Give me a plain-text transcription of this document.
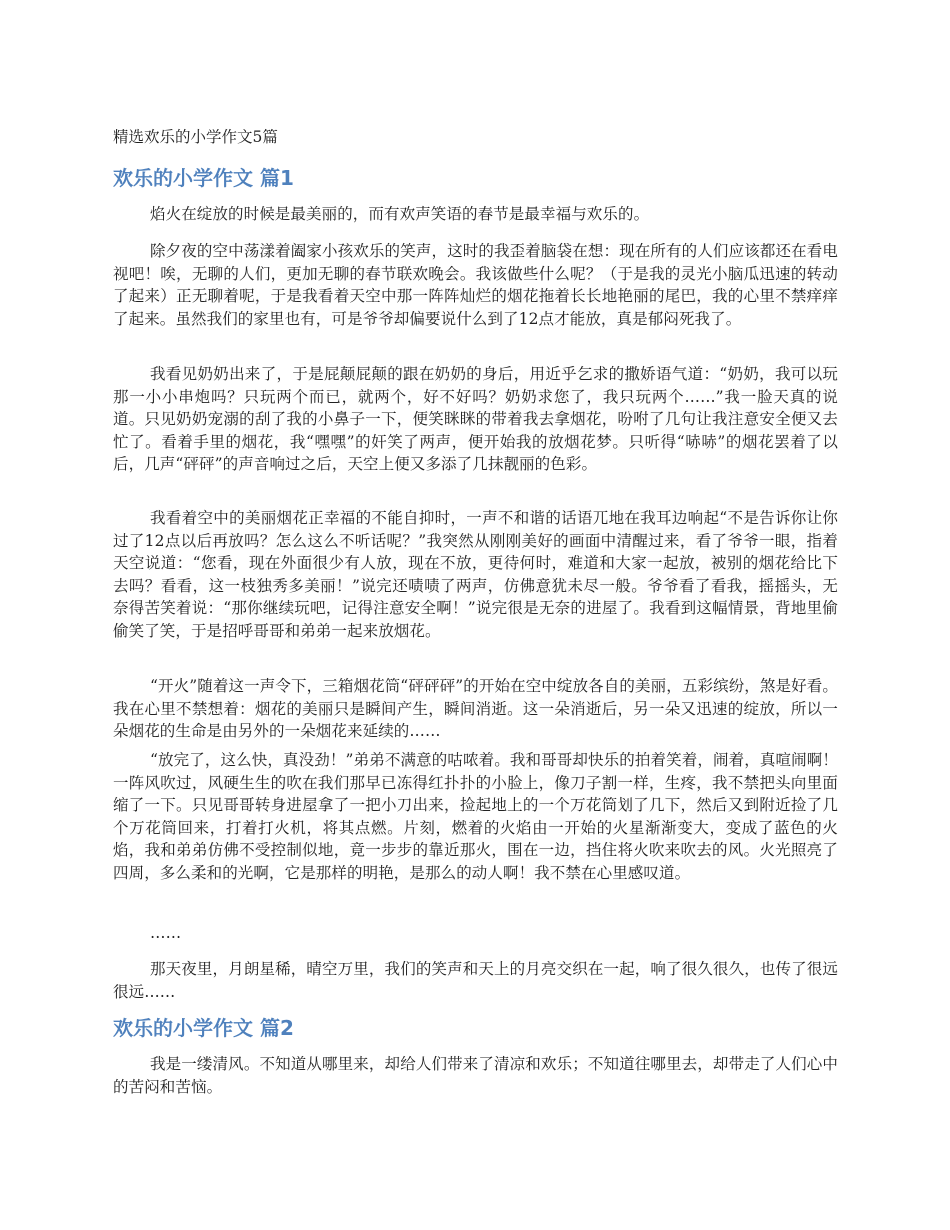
精选欢乐的小学作文5篇
欢乐的小学作文 篇1

焰火在绽放的时候是最美丽的，而有欢声笑语的春节是最幸福与欢乐的。

除夕夜的空中荡漾着阖家小孩欢乐的笑声，这时的我歪着脑袋在想：现在所有的人们应该都还在看电视吧！唉，无聊的人们，更加无聊的春节联欢晚会。我该做些什么呢？（于是我的灵光小脑瓜迅速的转动了起来）正无聊着呢，于是我看着天空中那一阵阵灿烂的烟花拖着长长地艳丽的尾巴，我的心里不禁痒痒了起来。虽然我们的家里也有，可是爷爷却偏要说什么到了12点才能放，真是郁闷死我了。

我看见奶奶出来了，于是屁颠屁颠的跟在奶奶的身后，用近乎乞求的撒娇语气道：“奶奶，我可以玩那一小小串炮吗？只玩两个而已，就两个，好不好吗？奶奶求您了，我只玩两个……”我一脸天真的说道。只见奶奶宠溺的刮了我的小鼻子一下，便笑眯眯的带着我去拿烟花，吩咐了几句让我注意安全便又去忙了。看着手里的烟花，我“嘿嘿”的奸笑了两声，便开始我的放烟花梦。只听得“哧哧”的烟花罢着了以后，几声“砰砰”的声音响过之后，天空上便又多添了几抹靓丽的色彩。

我看着空中的美丽烟花正幸福的不能自抑时，一声不和谐的话语兀地在我耳边响起“不是告诉你让你过了12点以后再放吗？怎么这么不听话呢？”我突然从刚刚美好的画面中清醒过来，看了爷爷一眼，指着天空说道：“您看，现在外面很少有人放，现在不放，更待何时，难道和大家一起放，被别的烟花给比下去吗？看看，这一枝独秀多美丽！”说完还啧啧了两声，仿佛意犹未尽一般。爷爷看了看我，摇摇头，无奈得苦笑着说：“那你继续玩吧，记得注意安全啊！”说完很是无奈的进屋了。我看到这幅情景，背地里偷偷笑了笑，于是招呼哥哥和弟弟一起来放烟花。

“开火”随着这一声令下，三箱烟花筒“砰砰砰”的开始在空中绽放各自的美丽，五彩缤纷，煞是好看。我在心里不禁想着：烟花的美丽只是瞬间产生，瞬间消逝。这一朵消逝后，另一朵又迅速的绽放，所以一朵烟花的生命是由另外的一朵烟花来延续的……

“放完了，这么快，真没劲！”弟弟不满意的咕哝着。我和哥哥却快乐的拍着笑着，闹着，真喧闹啊！一阵风吹过，风硬生生的吹在我们那早已冻得红扑扑的小脸上，像刀子割一样，生疼，我不禁把头向里面缩了一下。只见哥哥转身进屋拿了一把小刀出来，捡起地上的一个万花筒划了几下，然后又到附近捡了几个万花筒回来，打着打火机，将其点燃。片刻，燃着的火焰由一开始的火星渐渐变大，变成了蓝色的火焰，我和弟弟仿佛不受控制似地，竟一步步的靠近那火，围在一边，挡住将火吹来吹去的风。火光照亮了四周，多么柔和的光啊，它是那样的明艳，是那么的动人啊！我不禁在心里感叹道。

……

那天夜里，月朗星稀，晴空万里，我们的笑声和天上的月亮交织在一起，响了很久很久，也传了很远很远……

欢乐的小学作文 篇2

我是一缕清风。不知道从哪里来，却给人们带来了清凉和欢乐；不知道往哪里去，却带走了人们心中的苦闷和苦恼。
